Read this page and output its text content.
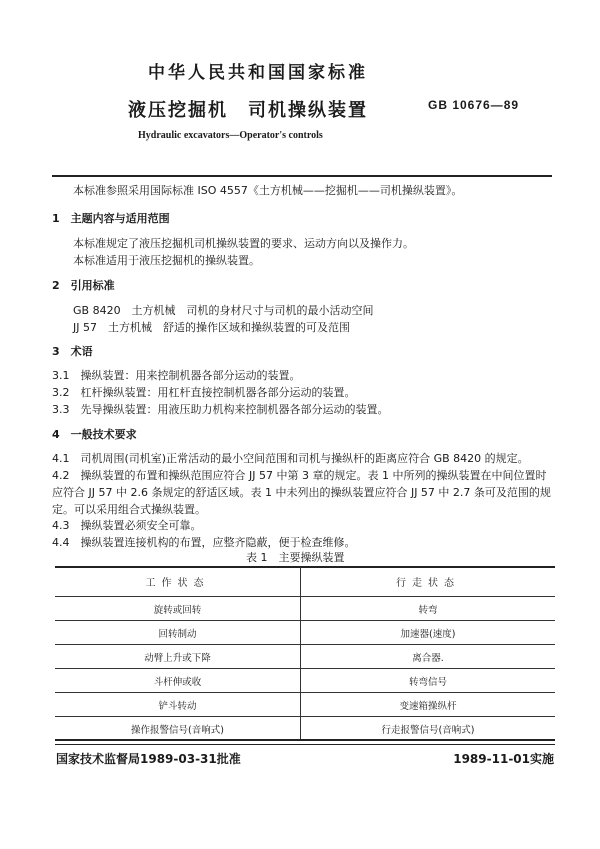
中华人民共和国国家标准
液压挖掘机　司机操纵装置	GB 10676—89
Hydraulic excavators—Operator's controls
本标准参照采用国际标准 ISO 4557《土方机械——挖掘机——司机操纵装置》。
1　主题内容与适用范围
本标准规定了液压挖掘机司机操纵装置的要求、运动方向以及操作力。
本标准适用于液压挖掘机的操纵装置。
2　引用标准
GB 8420　土方机械　司机的身材尺寸与司机的最小活动空间
JJ 57　土方机械　舒适的操作区域和操纵装置的可及范围
3　术语
3.1　操纵装置：用来控制机器各部分运动的装置。
3.2　杠杆操纵装置：用杠杆直接控制机器各部分运动的装置。
3.3　先导操纵装置：用液压助力机构来控制机器各部分运动的装置。
4　一般技术要求
4.1　司机周围(司机室)正常活动的最小空间范围和司机与操纵杆的距离应符合 GB 8420 的规定。
4.2　操纵装置的布置和操纵范围应符合 JJ 57 中第 3 章的规定。表 1 中所列的操纵装置在中间位置时
应符合 JJ 57 中 2.6 条规定的舒适区域。表 1 中未列出的操纵装置应符合 JJ 57 中 2.7 条可及范围的规
定。可以采用组合式操纵装置。
4.3　操纵装置必须安全可靠。
4.4　操纵装置连接机构的布置，应整齐隐蔽，便于检查维修。
表 1　主要操纵装置
工作状态	行走状态
旋转或回转	转弯
回转制动	加速器(速度)
动臂上升或下降	离合器.
斗杆伸或收	转弯信号
铲斗转动	变速箱操纵杆
操作报警信号(音响式)	行走报警信号(音响式)
国家技术监督局1989-03-31批准	1989-11-01实施
